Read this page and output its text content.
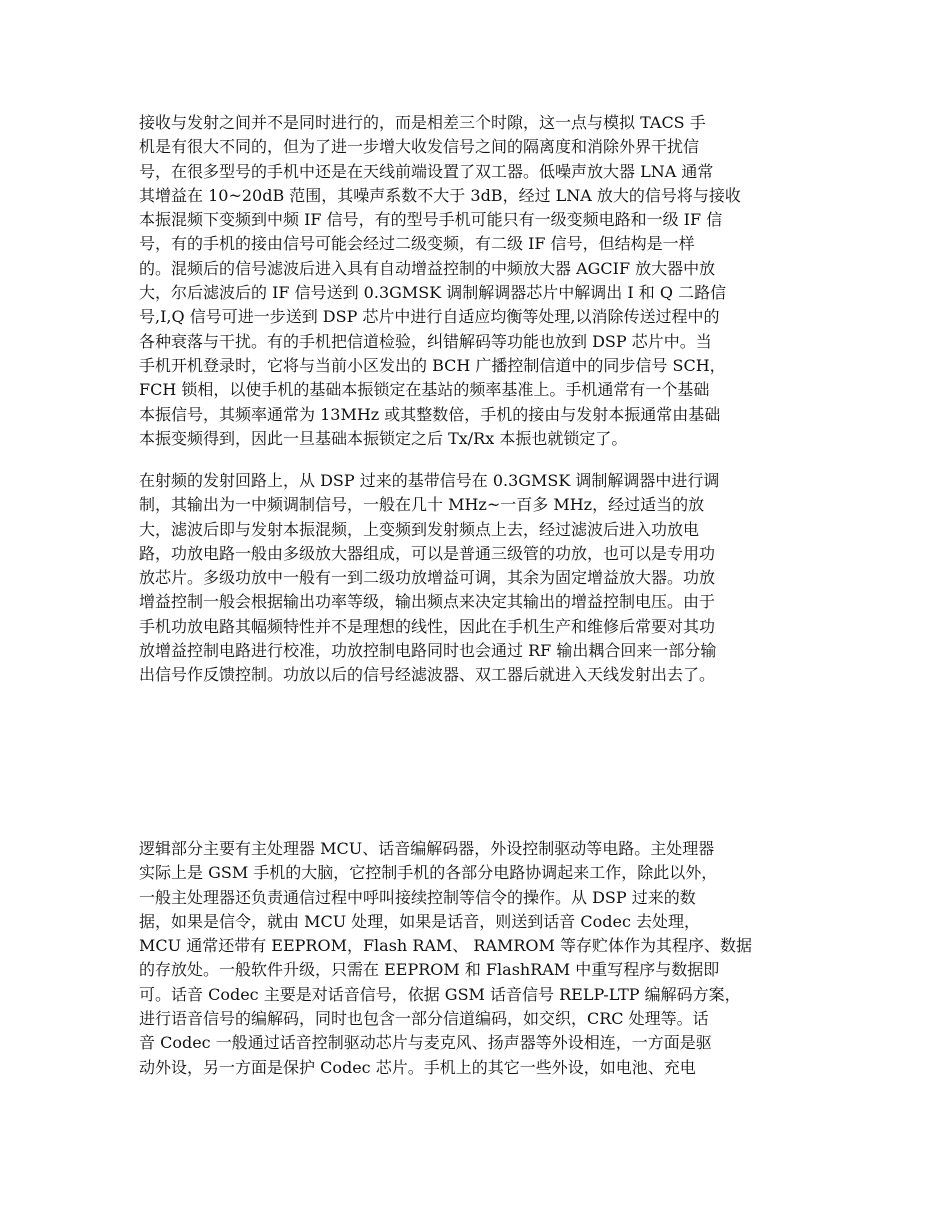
接收与发射之间并不是同时进行的，而是相差三个时隙，这一点与模拟 TACS 手
机是有很大不同的，但为了进一步增大收发信号之间的隔离度和消除外界干扰信
号，在很多型号的手机中还是在天线前端设置了双工器。低噪声放大器 LNA 通常
其增益在 10~20dB 范围，其噪声系数不大于 3dB，经过 LNA 放大的信号将与接收
本振混频下变频到中频 IF 信号，有的型号手机可能只有一级变频电路和一级 IF 信
号，有的手机的接由信号可能会经过二级变频，有二级 IF 信号，但结构是一样
的。混频后的信号滤波后进入具有自动增益控制的中频放大器 AGCIF 放大器中放
大，尔后滤波后的 IF 信号送到 0.3GMSK 调制解调器芯片中解调出 I 和 Q 二路信
号,I,Q 信号可进一步送到 DSP 芯片中进行自适应均衡等处理,以消除传送过程中的
各种衰落与干扰。有的手机把信道检验，纠错解码等功能也放到 DSP 芯片中。当
手机开机登录时，它将与当前小区发出的 BCH 广播控制信道中的同步信号 SCH，
FCH 锁相，以使手机的基础本振锁定在基站的频率基准上。手机通常有一个基础
本振信号，其频率通常为 13MHz 或其整数倍，手机的接由与发射本振通常由基础
本振变频得到，因此一旦基础本振锁定之后 Tx/Rx 本振也就锁定了。
在射频的发射回路上，从 DSP 过来的基带信号在 0.3GMSK 调制解调器中进行调
制，其输出为一中频调制信号，一般在几十 MHz~一百多 MHz，经过适当的放
大，滤波后即与发射本振混频，上变频到发射频点上去，经过滤波后进入功放电
路，功放电路一般由多级放大器组成，可以是普通三级管的功放，也可以是专用功
放芯片。多级功放中一般有一到二级功放增益可调，其余为固定增益放大器。功放
增益控制一般会根据输出功率等级，输出频点来决定其输出的增益控制电压。由于
手机功放电路其幅频特性并不是理想的线性，因此在手机生产和维修后常要对其功
放增益控制电路进行校准，功放控制电路同时也会通过 RF 输出耦合回来一部分输
出信号作反馈控制。功放以后的信号经滤波器、双工器后就进入天线发射出去了。
逻辑部分主要有主处理器 MCU、话音编解码器，外设控制驱动等电路。主处理器
实际上是 GSM 手机的大脑，它控制手机的各部分电路协调起来工作，除此以外，
一般主处理器还负责通信过程中呼叫接续控制等信令的操作。从 DSP 过来的数
据，如果是信令，就由 MCU 处理，如果是话音，则送到话音 Codec 去处理，
MCU 通常还带有 EEPROM，Flash RAM、 RAMROM 等存贮体作为其程序、数据
的存放处。一般软件升级，只需在 EEPROM 和 FlashRAM 中重写程序与数据即
可。话音 Codec 主要是对话音信号，依据 GSM 话音信号 RELP-LTP 编解码方案，
进行语音信号的编解码，同时也包含一部分信道编码，如交织，CRC 处理等。话
音 Codec 一般通过话音控制驱动芯片与麦克风、扬声器等外设相连，一方面是驱
动外设，另一方面是保护 Codec 芯片。手机上的其它一些外设，如电池、充电
